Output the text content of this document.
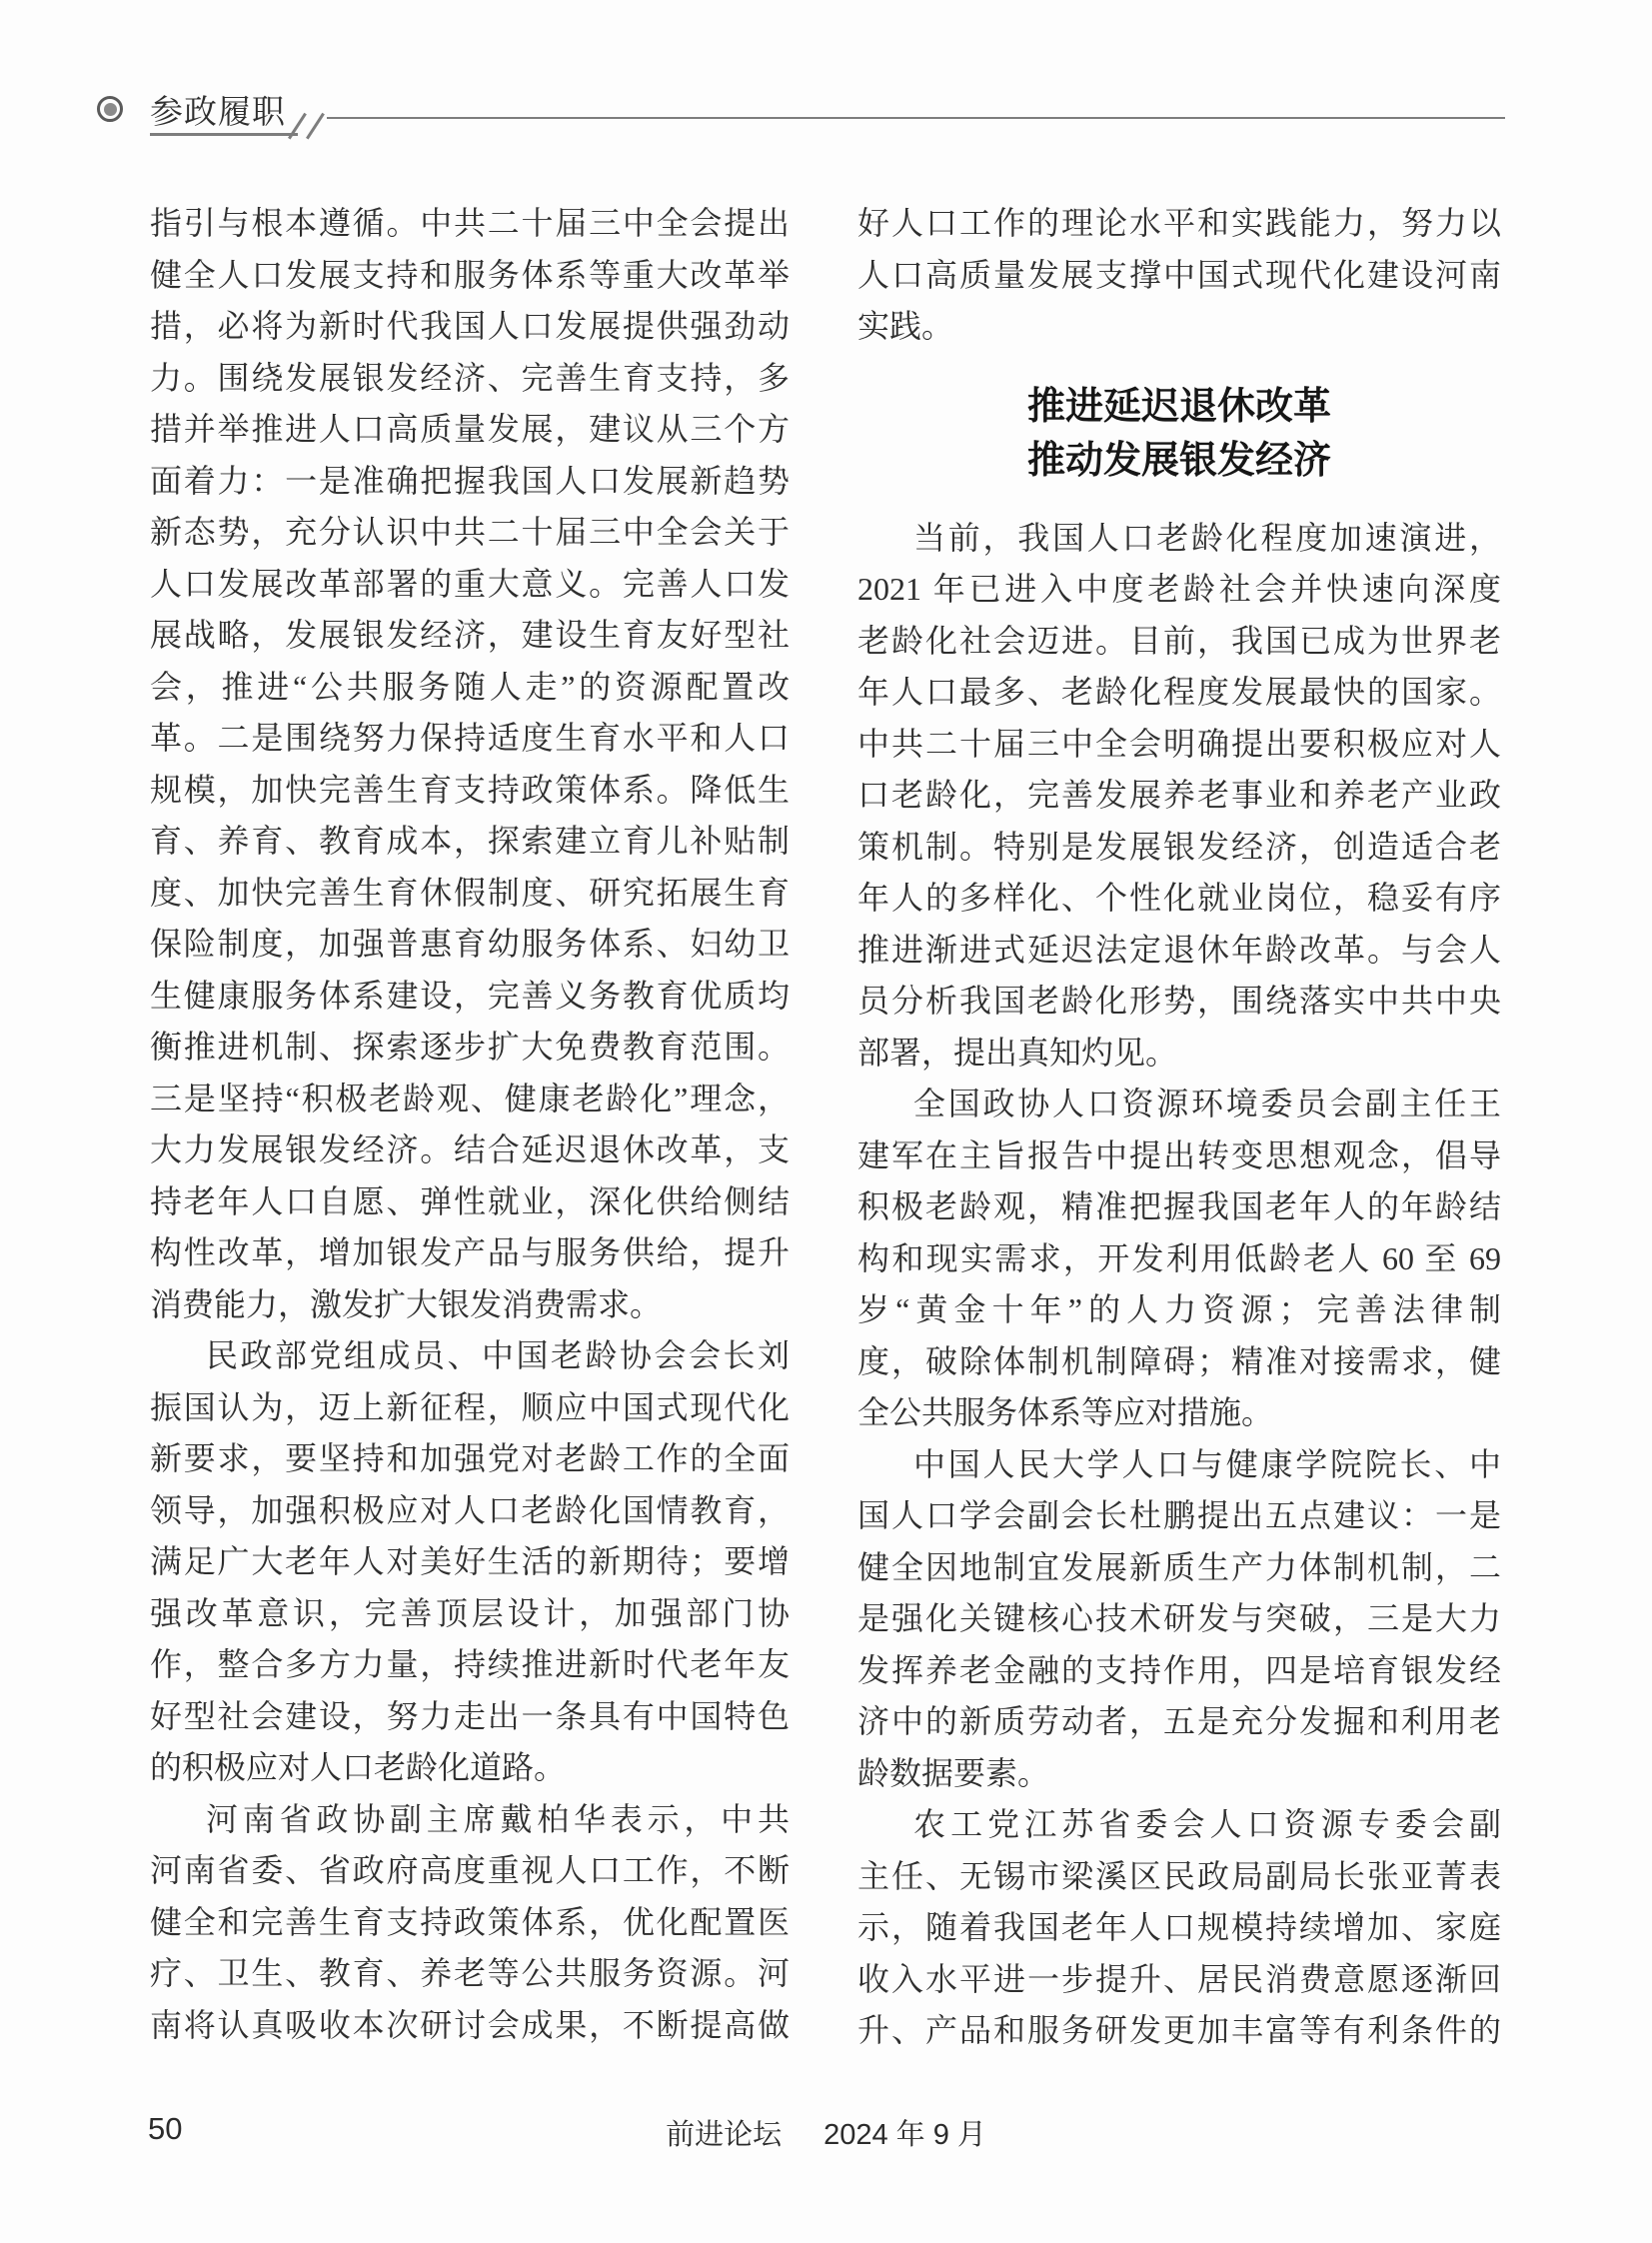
参政履职
指引与根本遵循。中共二十届三中全会提出
健全人口发展支持和服务体系等重大改革举
措，必将为新时代我国人口发展提供强劲动
力。围绕发展银发经济、完善生育支持，多
措并举推进人口高质量发展，建议从三个方
面着力：一是准确把握我国人口发展新趋势
新态势，充分认识中共二十届三中全会关于
人口发展改革部署的重大意义。完善人口发
展战略，发展银发经济，建设生育友好型社
会，推进“公共服务随人走”的资源配置改
革。二是围绕努力保持适度生育水平和人口
规模，加快完善生育支持政策体系。降低生
育、养育、教育成本，探索建立育儿补贴制
度、加快完善生育休假制度、研究拓展生育
保险制度，加强普惠育幼服务体系、妇幼卫
生健康服务体系建设，完善义务教育优质均
衡推进机制、探索逐步扩大免费教育范围。
三是坚持“积极老龄观、健康老龄化”理念，
大力发展银发经济。结合延迟退休改革，支
持老年人口自愿、弹性就业，深化供给侧结
构性改革，增加银发产品与服务供给，提升
消费能力，激发扩大银发消费需求。
民政部党组成员、中国老龄协会会长刘
振国认为，迈上新征程，顺应中国式现代化
新要求，要坚持和加强党对老龄工作的全面
领导，加强积极应对人口老龄化国情教育，
满足广大老年人对美好生活的新期待；要增
强改革意识，完善顶层设计，加强部门协
作，整合多方力量，持续推进新时代老年友
好型社会建设，努力走出一条具有中国特色
的积极应对人口老龄化道路。
河南省政协副主席戴柏华表示，中共
河南省委、省政府高度重视人口工作，不断
健全和完善生育支持政策体系，优化配置医
疗、卫生、教育、养老等公共服务资源。河
南将认真吸收本次研讨会成果，不断提高做
好人口工作的理论水平和实践能力，努力以
人口高质量发展支撑中国式现代化建设河南
实践。
推进延迟退休改革
推动发展银发经济
当前，我国人口老龄化程度加速演进，
2021 年已进入中度老龄社会并快速向深度
老龄化社会迈进。目前，我国已成为世界老
年人口最多、老龄化程度发展最快的国家。
中共二十届三中全会明确提出要积极应对人
口老龄化，完善发展养老事业和养老产业政
策机制。特别是发展银发经济，创造适合老
年人的多样化、个性化就业岗位，稳妥有序
推进渐进式延迟法定退休年龄改革。与会人
员分析我国老龄化形势，围绕落实中共中央
部署，提出真知灼见。
全国政协人口资源环境委员会副主任王
建军在主旨报告中提出转变思想观念，倡导
积极老龄观，精准把握我国老年人的年龄结
构和现实需求，开发利用低龄老人 60 至 69
岁“黄金十年”的人力资源；完善法律制
度，破除体制机制障碍；精准对接需求，健
全公共服务体系等应对措施。
中国人民大学人口与健康学院院长、中
国人口学会副会长杜鹏提出五点建议：一是
健全因地制宜发展新质生产力体制机制，二
是强化关键核心技术研发与突破，三是大力
发挥养老金融的支持作用，四是培育银发经
济中的新质劳动者，五是充分发掘和利用老
龄数据要素。
农工党江苏省委会人口资源专委会副
主任、无锡市梁溪区民政局副局长张亚菁表
示，随着我国老年人口规模持续增加、家庭
收入水平进一步提升、居民消费意愿逐渐回
升、产品和服务研发更加丰富等有利条件的
50	前进论坛 2024 年 9 月
